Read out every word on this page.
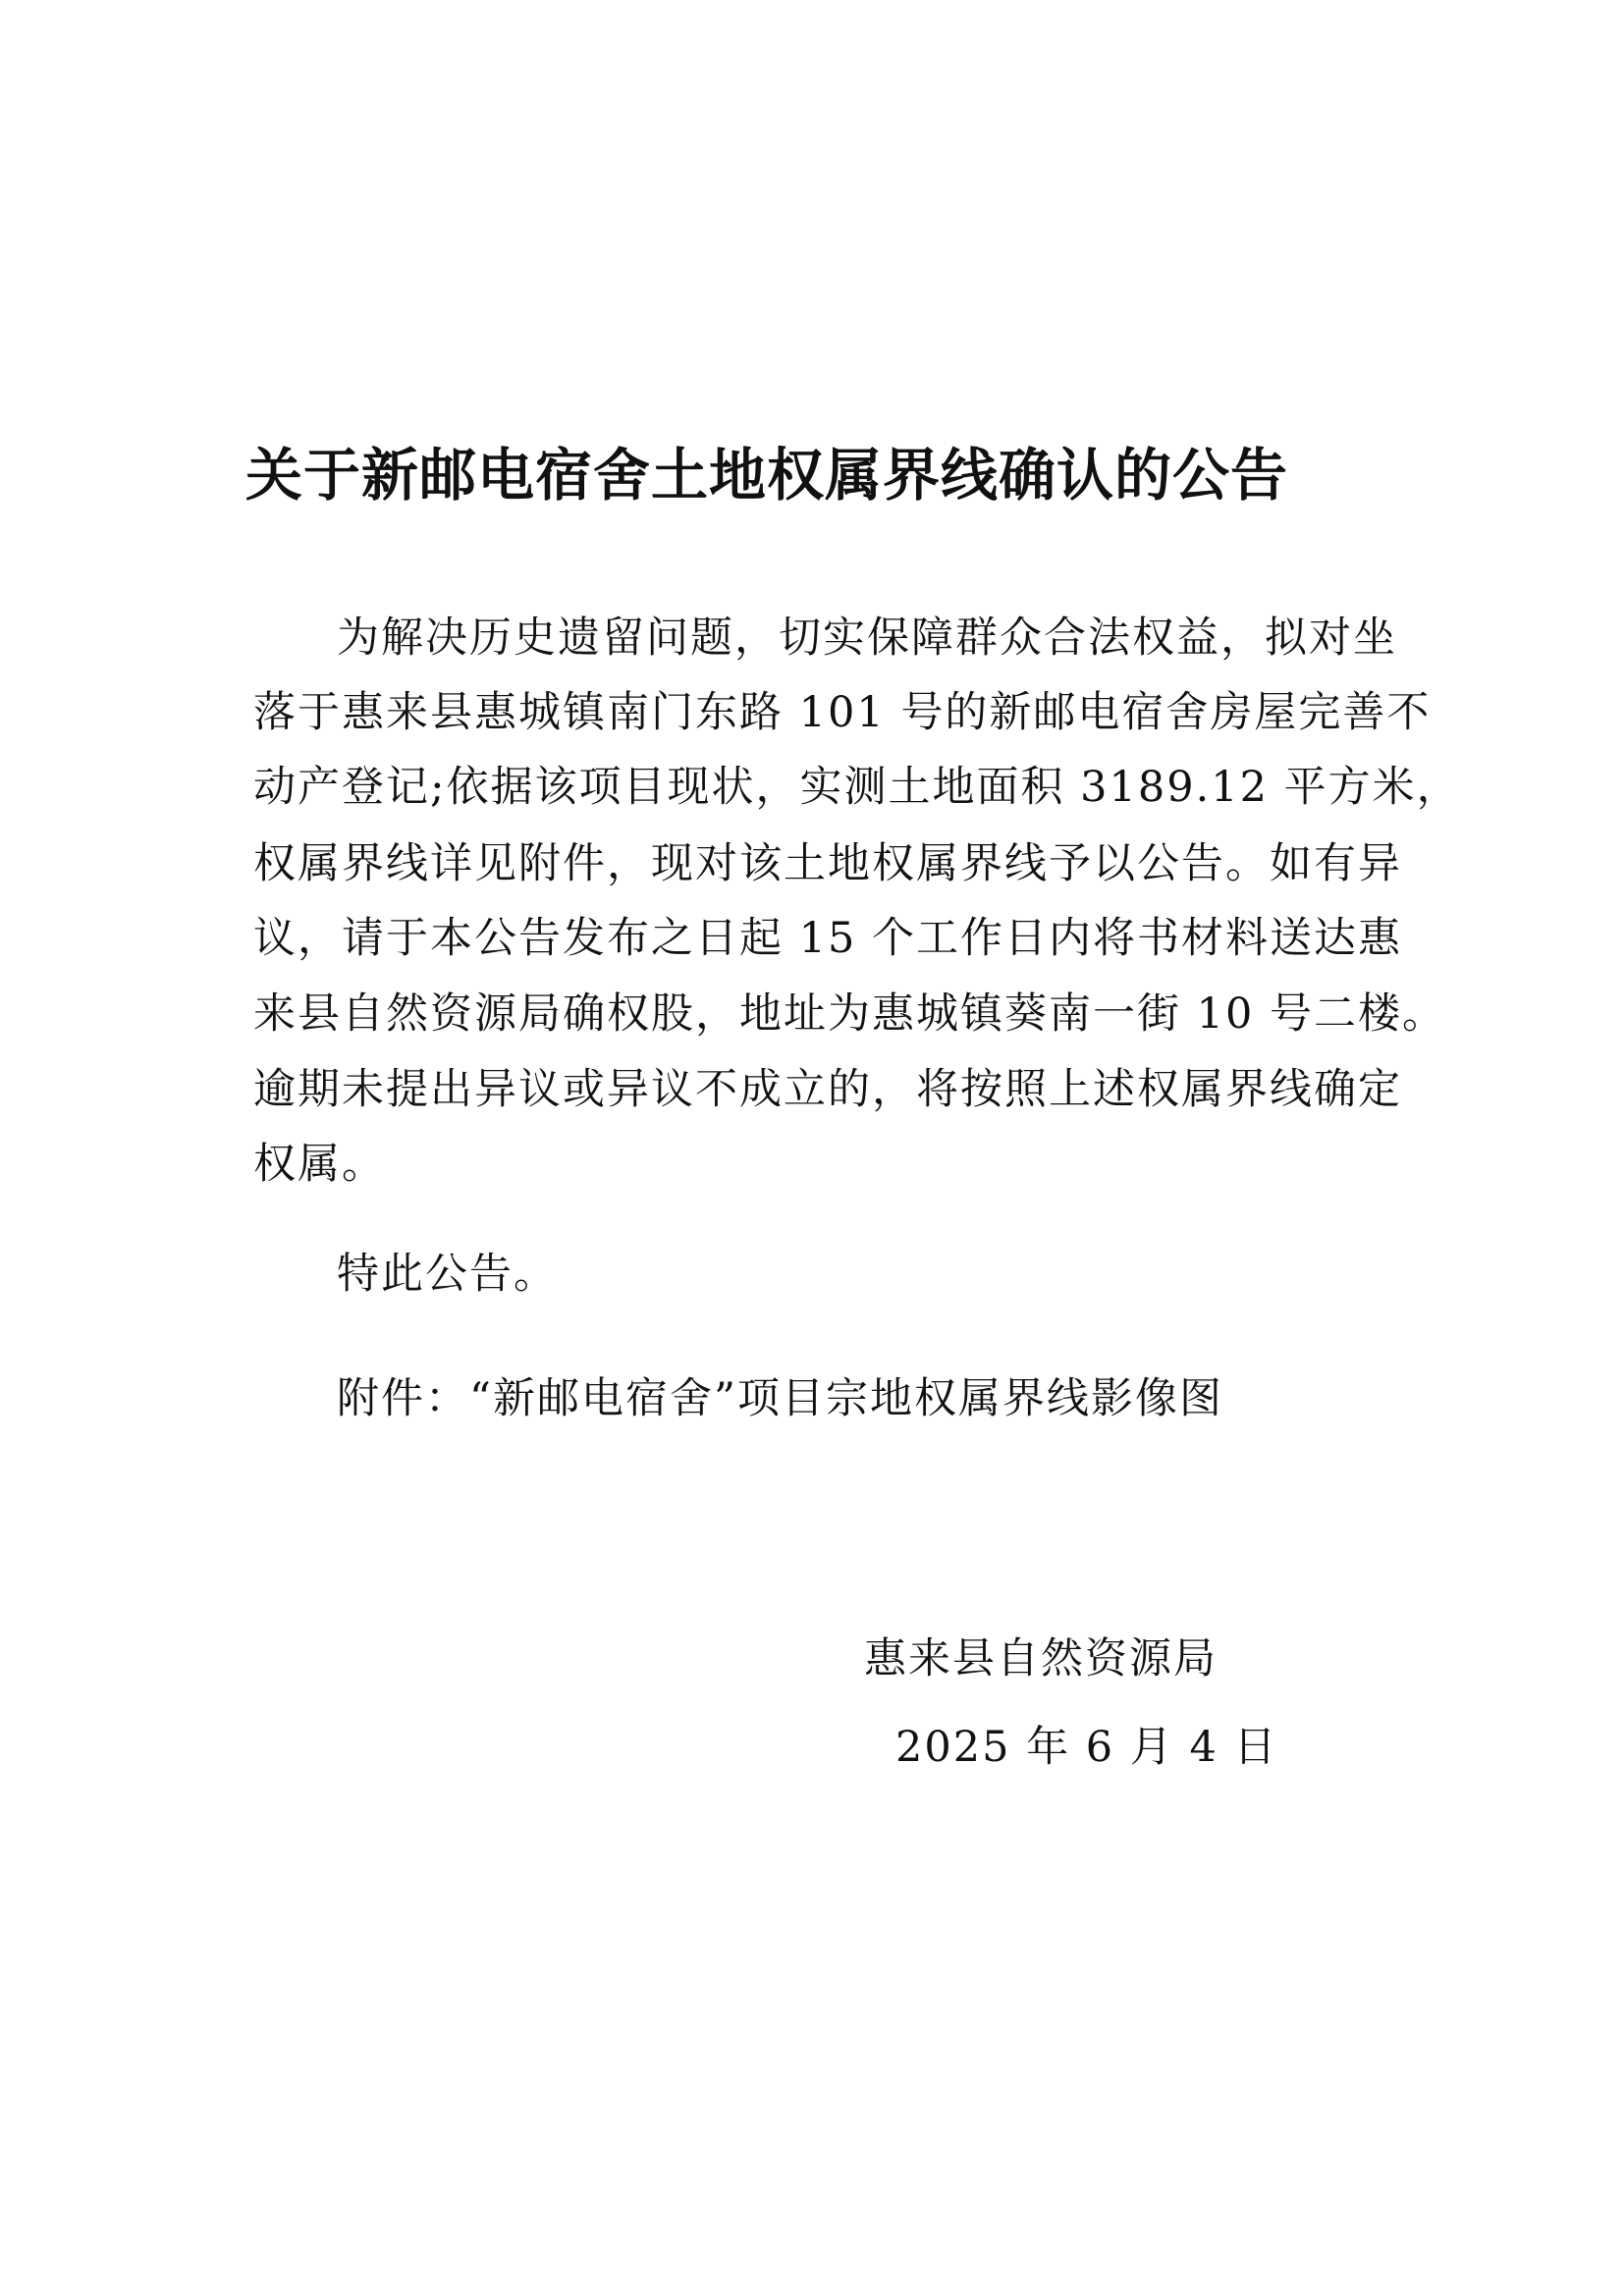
关于新邮电宿舍土地权属界线确认的公告

为解决历史遗留问题，切实保障群众合法权益，拟对坐

落于惠来县惠城镇南门东路 101 号的新邮电宿舍房屋完善不

动产登记;依据该项目现状，实测土地面积 3189.12 平方米，

权属界线详见附件，现对该土地权属界线予以公告。如有异

议，请于本公告发布之日起 15 个工作日内将书材料送达惠

来县自然资源局确权股，地址为惠城镇葵南一街 10 号二楼。

逾期未提出异议或异议不成立的，将按照上述权属界线确定

权属。

特此公告。

附件：“新邮电宿舍”项目宗地权属界线影像图

惠来县自然资源局

2025 年 6 月 4 日
